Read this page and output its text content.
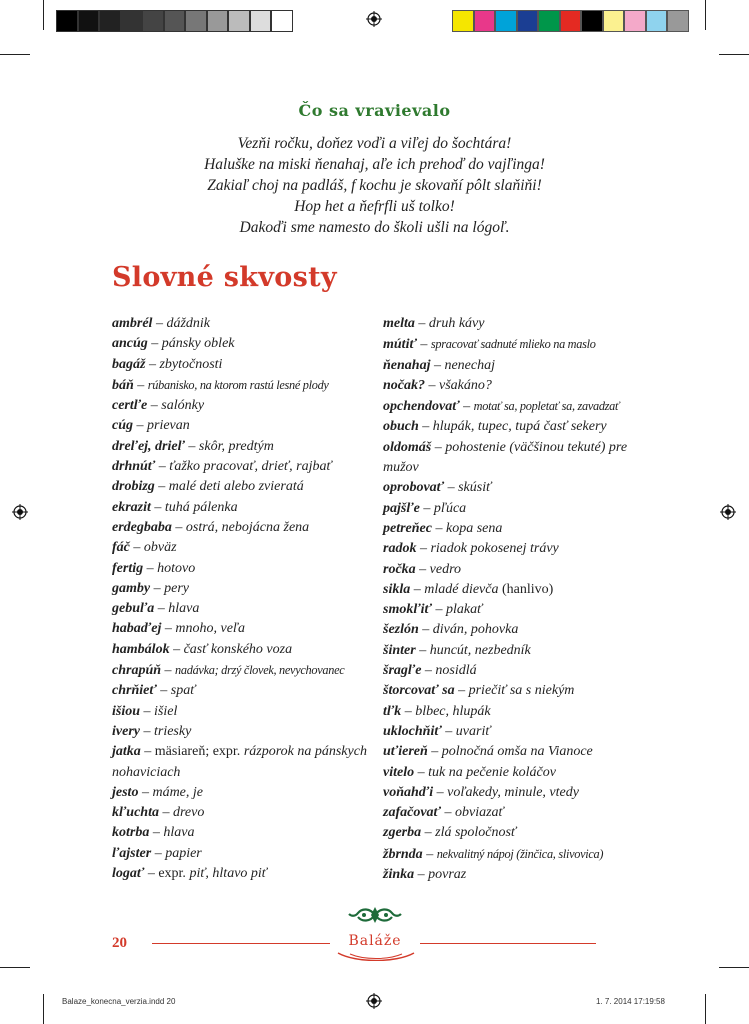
Čo sa vravievalo
Vezňi ročku, doňez voďi a viľej do šochtára!
Haluške na miski ňenahaj, aľe ich prehoď do vajľinga!
Zakiaľ choj na padláš, f kochu je skovaňí pôlt slaňiňi!
Hop het a ňefrfli uš tolko!
Dakoďi sme namesto do školi ušli na lógoľ.
Slovné skvosty
ambrél – dáždnik
ancúg – pánsky oblek
bagáž – zbytočnosti
báň – rúbanisko, na ktorom rastú lesné plody
certľe – salónky
cúg – prievan
dreľej, drieľ – skôr, predtým
drhnúť – ťažko pracovať, drieť, rajbať
drobizg – malé deti alebo zvieratá
ekrazit – tuhá pálenka
erdegbaba – ostrá, nebojácna žena
fáč – obväz
fertig – hotovo
gamby – pery
gebuľa – hlava
habaďej – mnoho, veľa
hambálok – časť konského voza
chrapúň – nadávka; drzý človek, nevychovanec
chrňieť – spať
išiou – išiel
ivery – triesky
jatka – mäsiareň; expr. rázporok na pánskych nohaviciach
jesto – máme, je
kľuchta – drevo
kotrba – hlava
ľajster – papier
logať – expr. piť, hltavo piť
melta – druh kávy
mútiť – spracovať sadnuté mlieko na maslo
ňenahaj – nenechaj
nočak? – všakáno?
opchendovať – motať sa, popletať sa, zavadzať
obuch – hlupák, tupec, tupá časť sekery
oldomáš – pohostenie (väčšinou tekuté) pre mužov
oprobovať – skúsiť
pajšľe – pľúca
petreňec – kopa sena
radok – riadok pokosenej trávy
ročka – vedro
sikla – mladé dievča (hanlivo)
smokľiť – plakať
šezlón – diván, pohovka
šinter – huncút, nezbedník
šragľe – nosidlá
štorcovať sa – priečiť sa s niekým
tľk – blbec, hlupák
uklochňiť – uvariť
uťiereň – polnočná omša na Vianoce
vitelo – tuk na pečenie koláčov
voňahďi – voľakedy, minule, vtedy
zafačovať – obviazať
zgerba – zlá spoločnosť
žbrnda – nekvalitný nápoj (žinčica, slivovica)
žinka – povraz
20	Baláže
Balaze_konecna_verzia.indd 20	1. 7. 2014 17:19:58
